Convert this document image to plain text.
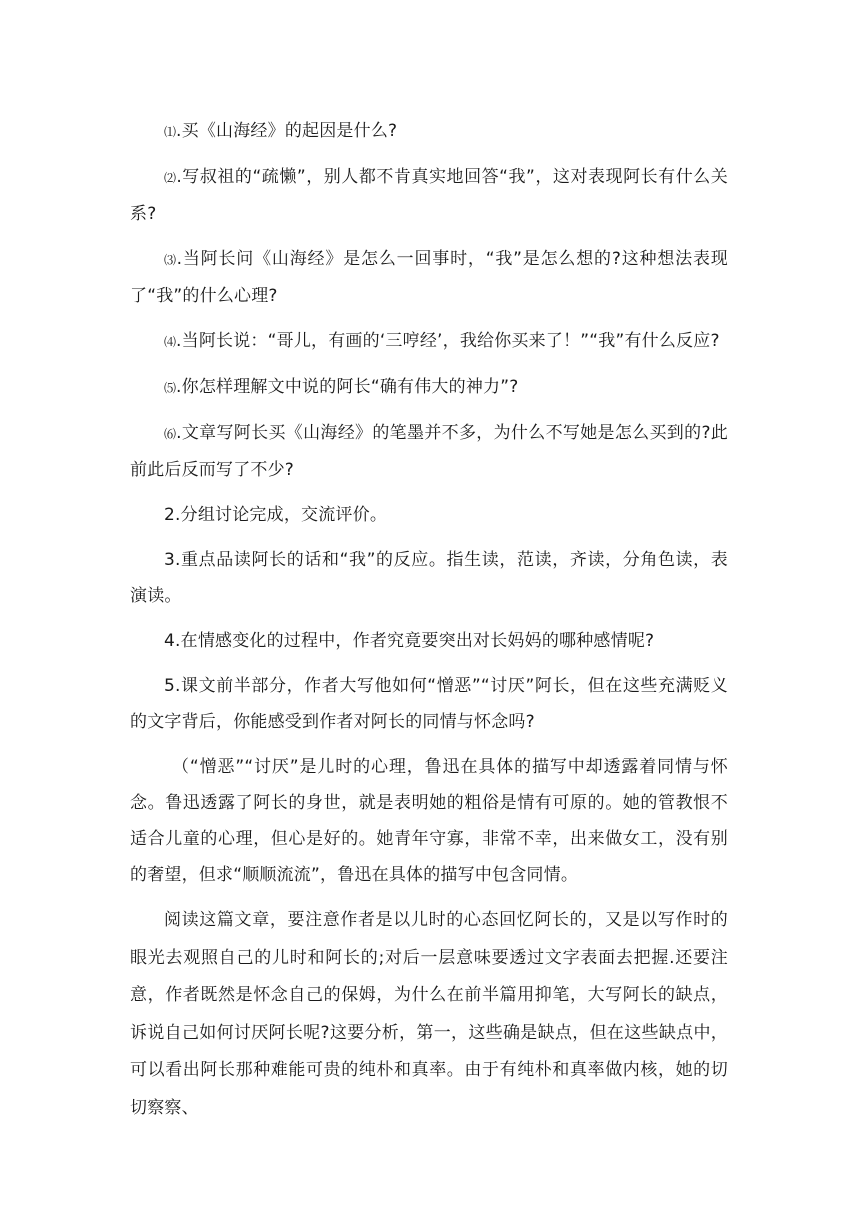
⑴.买《山海经》的起因是什么?

⑵.写叔祖的“疏懒”，别人都不肯真实地回答“我”，这对表现阿长有什么关系?

⑶.当阿长问《山海经》是怎么一回事时，“我”是怎么想的?这种想法表现了“我”的什么心理?

⑷.当阿长说：“哥儿，有画的‘三哼经’，我给你买来了！”“我”有什么反应?

⑸.你怎样理解文中说的阿长“确有伟大的神力”?

⑹.文章写阿长买《山海经》的笔墨并不多，为什么不写她是怎么买到的?此前此后反而写了不少?

2.分组讨论完成，交流评价。

3.重点品读阿长的话和“我”的反应。指生读，范读，齐读，分角色读，表演读。

4.在情感变化的过程中，作者究竟要突出对长妈妈的哪种感情呢?

5.课文前半部分，作者大写他如何“憎恶”“讨厌”阿长，但在这些充满贬义的文字背后，你能感受到作者对阿长的同情与怀念吗?

（“憎恶”“讨厌”是儿时的心理，鲁迅在具体的描写中却透露着同情与怀念。鲁迅透露了阿长的身世，就是表明她的粗俗是情有可原的。她的管教恨不适合儿童的心理，但心是好的。她青年守寡，非常不幸，出来做女工，没有别的奢望，但求“顺顺流流”，鲁迅在具体的描写中包含同情。

阅读这篇文章，要注意作者是以儿时的心态回忆阿长的，又是以写作时的眼光去观照自己的儿时和阿长的;对后一层意味要透过文字表面去把握.还要注意，作者既然是怀念自己的保姆，为什么在前半篇用抑笔，大写阿长的缺点，诉说自己如何讨厌阿长呢?这要分析，第一，这些确是缺点，但在这些缺点中，可以看出阿长那种难能可贵的纯朴和真率。由于有纯朴和真率做内核，她的切切察察、
